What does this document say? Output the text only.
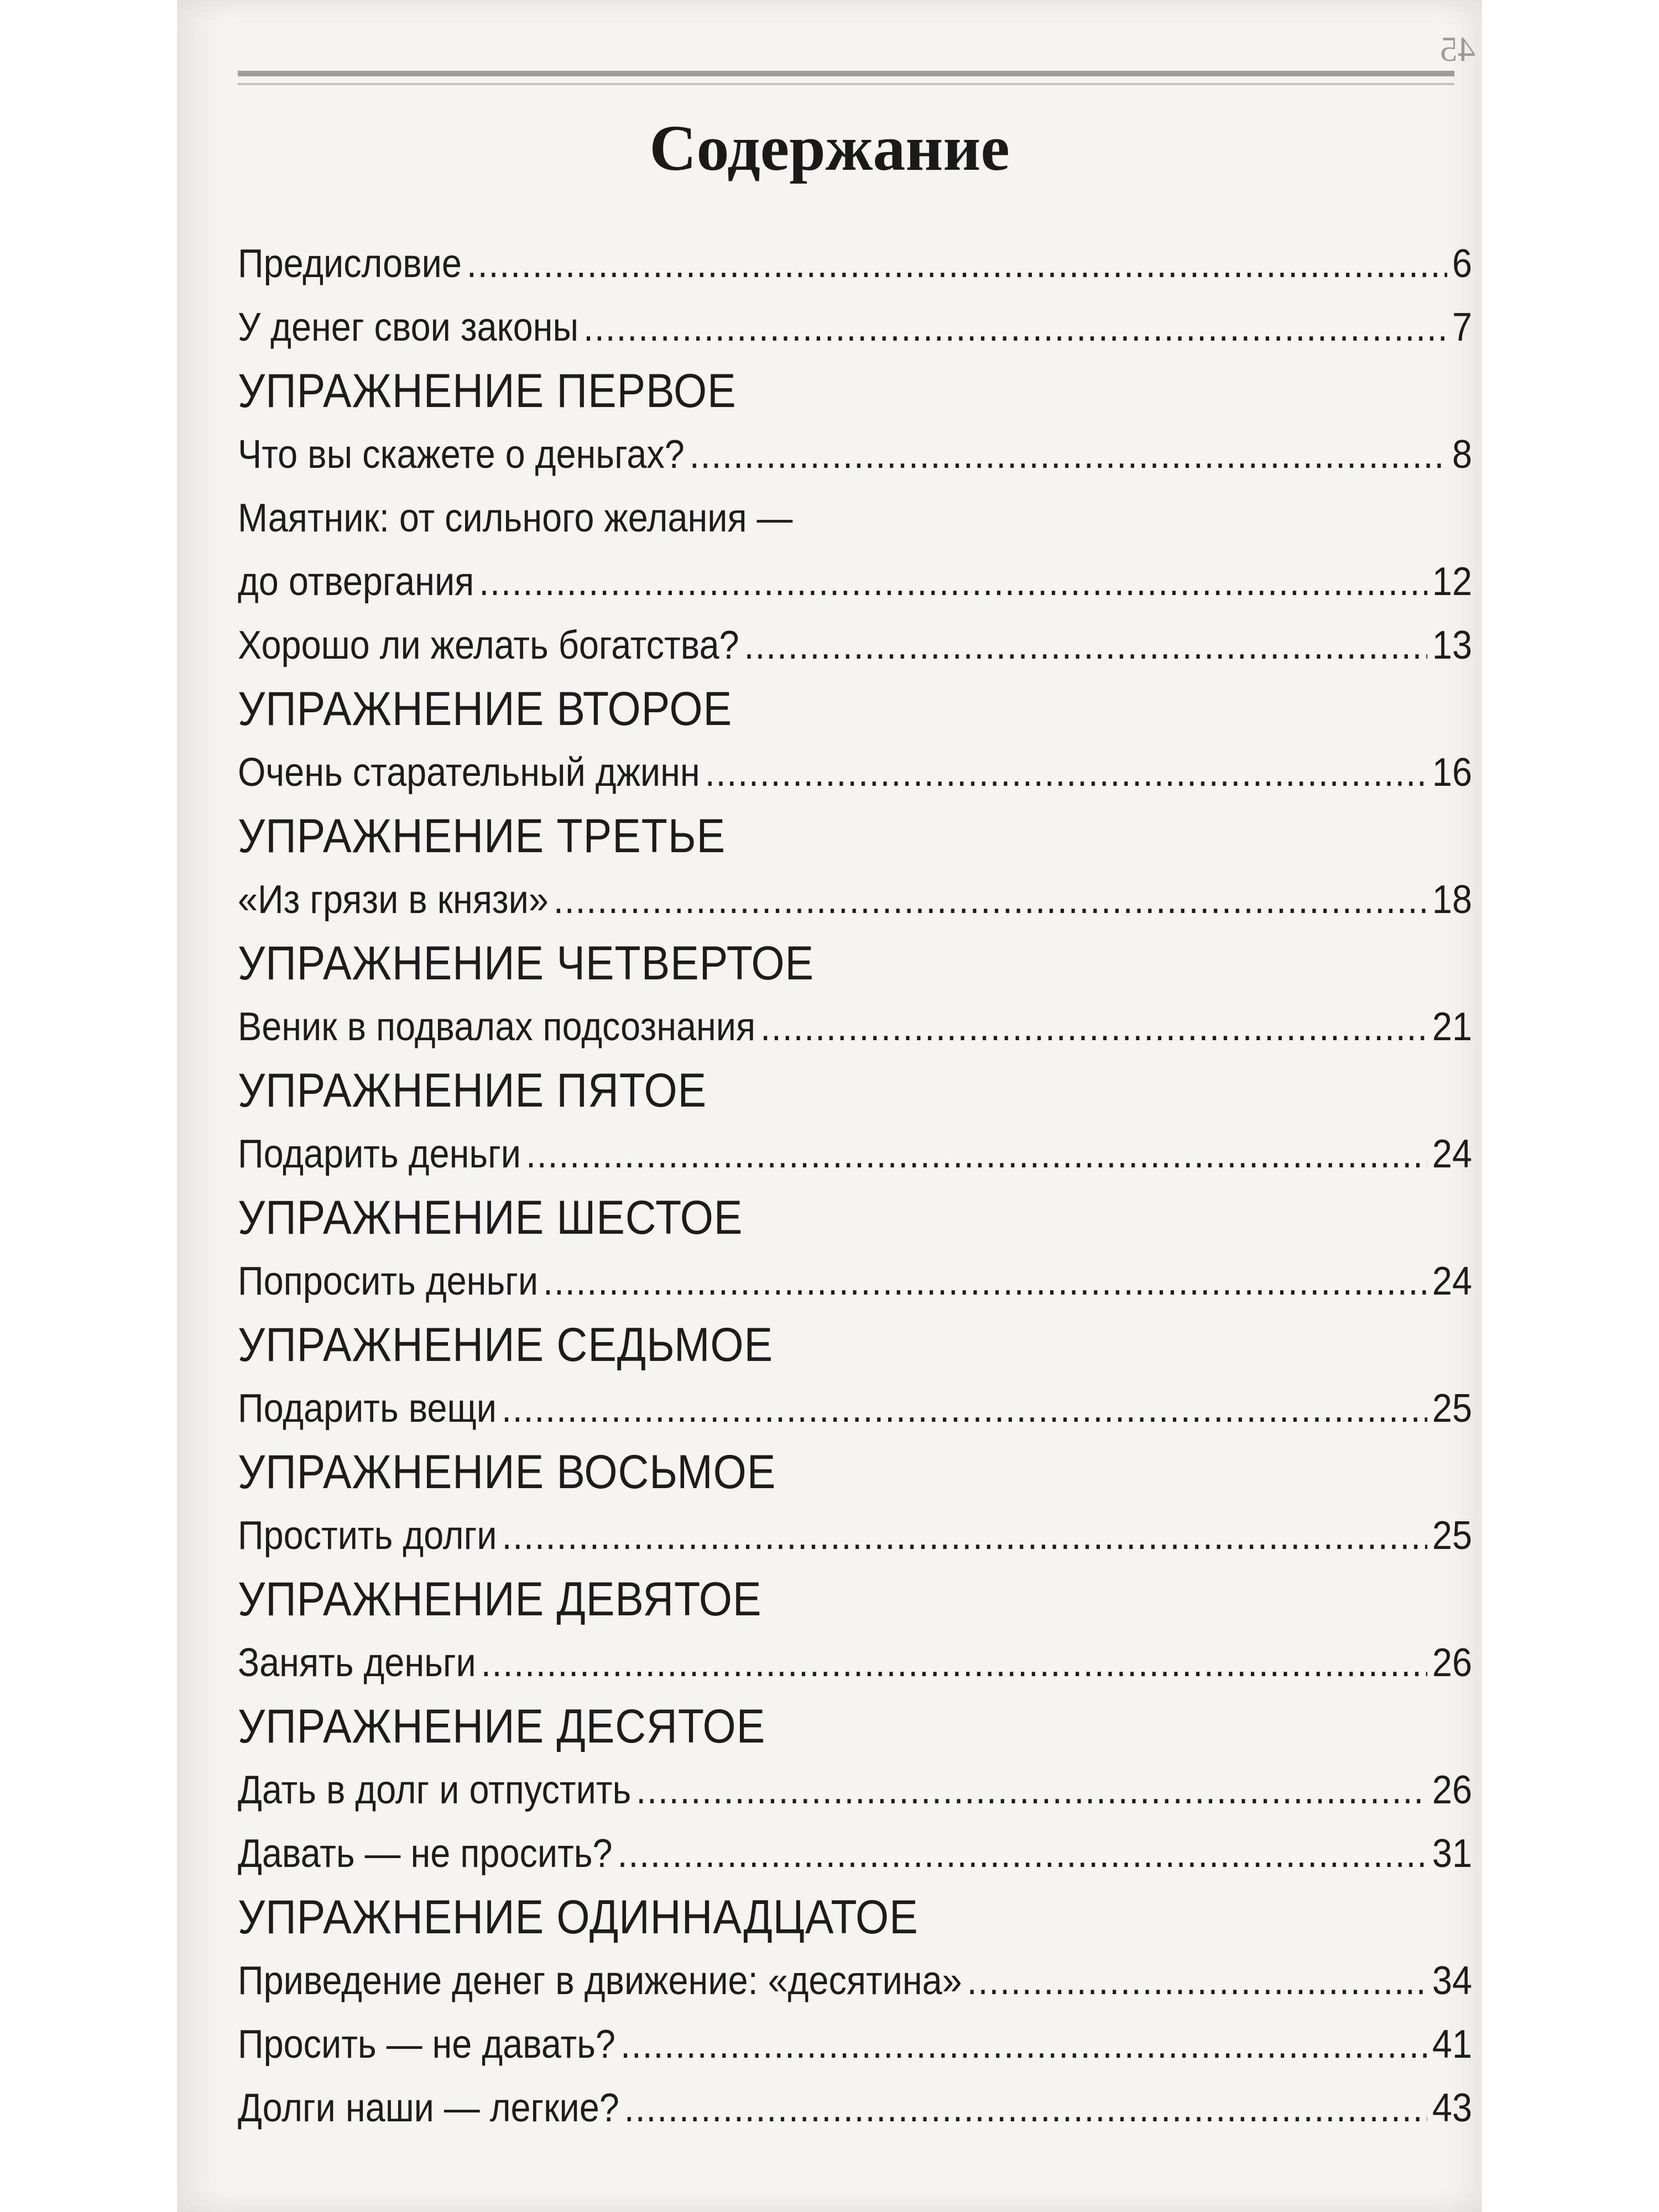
45
Содержание
Предисловие .....	6
У денег свои законы .....	7
УПРАЖНЕНИЕ ПЕРВОЕ
Что вы скажете о деньгах? .....	8
Маятник: от сильного желания —
до отвергания .....	12
Хорошо ли желать богатства? .....	13
УПРАЖНЕНИЕ ВТОРОЕ
Очень старательный джинн .....	16
УПРАЖНЕНИЕ ТРЕТЬЕ
«Из грязи в князи» .....	18
УПРАЖНЕНИЕ ЧЕТВЕРТОЕ
Веник в подвалах подсознания .....	21
УПРАЖНЕНИЕ ПЯТОЕ
Подарить деньги .....	24
УПРАЖНЕНИЕ ШЕСТОЕ
Попросить деньги .....	24
УПРАЖНЕНИЕ СЕДЬМОЕ
Подарить вещи .....	25
УПРАЖНЕНИЕ ВОСЬМОЕ
Простить долги .....	25
УПРАЖНЕНИЕ ДЕВЯТОЕ
Занять деньги .....	26
УПРАЖНЕНИЕ ДЕСЯТОЕ
Дать в долг и отпустить .....	26
Давать — не просить? .....	31
УПРАЖНЕНИЕ ОДИННАДЦАТОЕ
Приведение денег в движение: «десятина» .....	34
Просить — не давать? .....	41
Долги наши — легкие? .....	43
